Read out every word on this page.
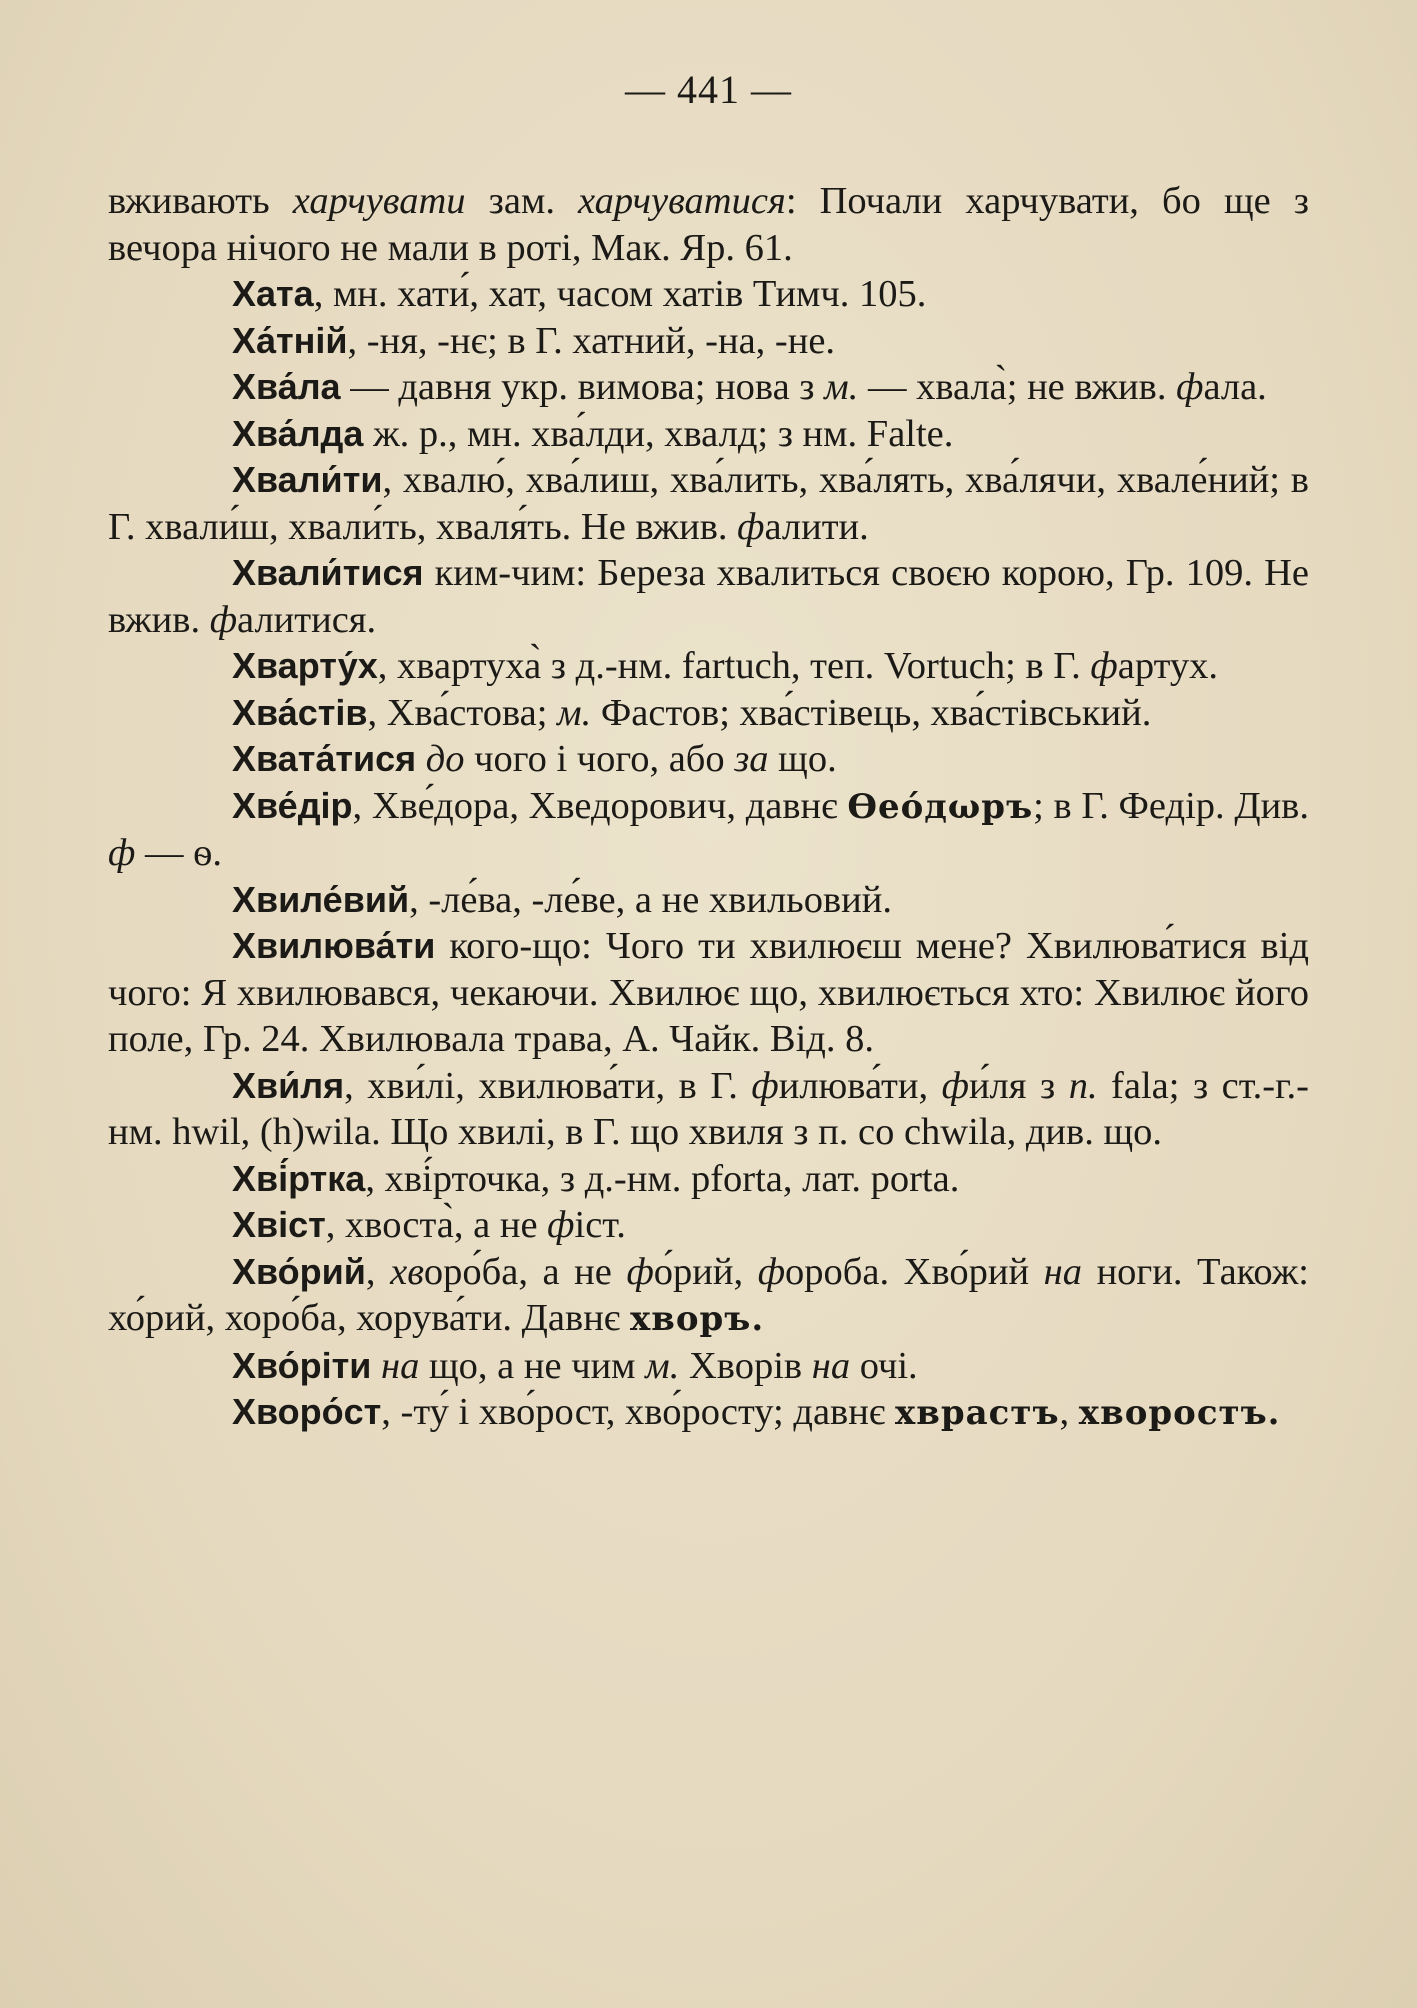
— 441 —

вживають харчувати зам. харчуватися: Почали харчувати, бо ще з вечора нічого не мали в роті, Мак. Яр. 61.

Хата, мн. хати́, хат, часом хатів Тимч. 105.

Ха́тній, -ня, -нє; в Г. хатний, -на, -не.

Хва́ла — давня укр. вимова; нова з м. — хвала̀; не вжив. фала.

Хва́лда ж. р., мн. хва́лди, хвалд; з нм. Falte.

Хвали́ти, хвалю́, хва́лиш, хва́лить, хва́лять, хва́лячи, хвале́ний; в Г. хвали́ш, хвали́ть, хваля́ть. Не вжив. фалити.

Хвали́тися ким-чим: Береза хвалиться своєю корою, Гр. 109. Не вжив. фалитися.

Хварту́х, хвартуха̀ з д.-нм. fartuch, теп. Vortuch; в Г. фартух.

Хва́стів, Хва́стова; м. Фастов; хва́стівець, хва́стівський.

Хвата́тися до чого і чого, або за що.

Хве́дір, Хве́дора, Хведорович, давнє Ѳеóдωръ; в Г. Федір. Див. ф — ѳ.

Хвиле́вий, -ле́ва, -ле́ве, а не хвильовий.

Хвилюва́ти кого-що: Чого ти хвилюєш мене? Хвилюва́тися від чого: Я хвилювався, чекаючи. Хвилює що, хвилюється хто: Хвилює його поле, Гр. 24. Хвилювала трава, А. Чайк. Від. 8.

Хви́ля, хви́лі, хвилюва́ти, в Г. филюва́ти, фи́ля з п. fala; з ст.-г.-нм. hwil, (h)wila. Що хвилі, в Г. що хвиля з п. со chwila, див. що.

Хві́ртка, хві́рточка, з д.-нм. pforta, лат. porta.

Хвіст, хвоста̀, а не фіст.

Хво́рий, хворо́ба, а не фо́рий, фороба. Хво́рий на ноги. Також: хо́рий, хоро́ба, хорува́ти. Давнє хворъ.

Хво́ріти на що, а не чим м. Хворів на очі.

Хворо́ст, -ту́ і хво́рост, хво́росту; давнє хврастъ, хворостъ.
